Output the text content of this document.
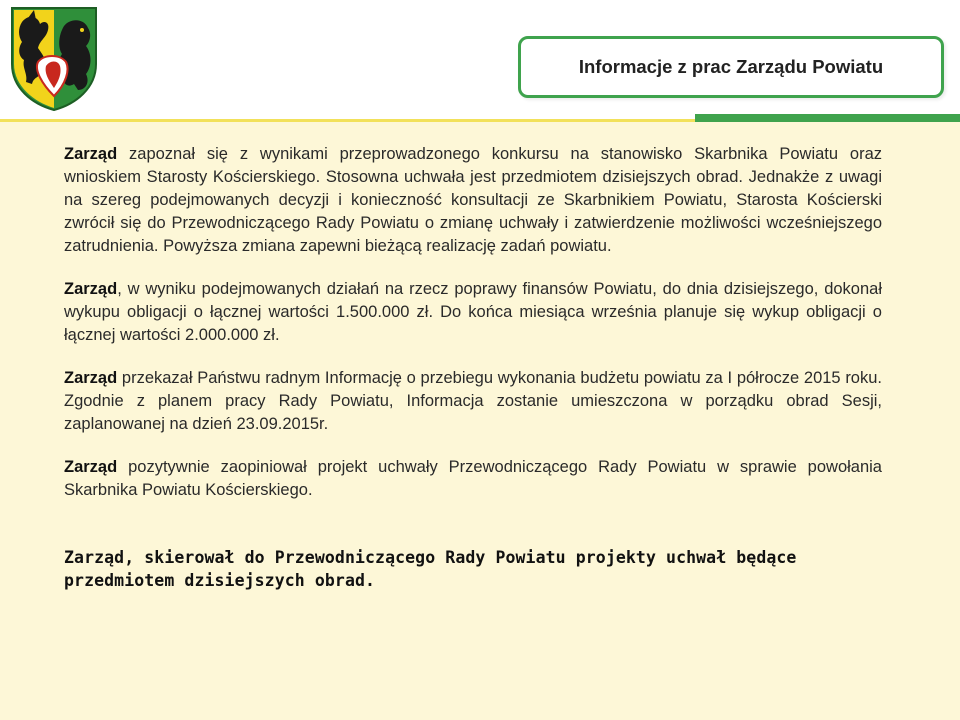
Informacje z prac Zarządu Powiatu

Zarząd zapoznał się z wynikami przeprowadzonego konkursu na stanowisko Skarbnika Powiatu oraz wnioskiem Starosty Kościerskiego. Stosowna uchwała jest przedmiotem dzisiejszych obrad. Jednakże z uwagi na szereg podejmowanych decyzji i konieczność konsultacji ze Skarbnikiem Powiatu, Starosta Kościerski zwrócił się do Przewodniczącego Rady Powiatu o zmianę uchwały i zatwierdzenie możliwości wcześniejszego zatrudnienia. Powyższa zmiana zapewni bieżącą realizację zadań powiatu.

Zarząd, w wyniku podejmowanych działań na rzecz poprawy finansów Powiatu, do dnia dzisiejszego, dokonał wykupu obligacji o łącznej wartości 1.500.000 zł. Do końca miesiąca września planuje się wykup obligacji o łącznej wartości 2.000.000 zł.

Zarząd przekazał Państwu radnym Informację o przebiegu wykonania budżetu powiatu za I półrocze 2015 roku. Zgodnie z planem pracy Rady Powiatu, Informacja zostanie umieszczona w porządku obrad Sesji, zaplanowanej na dzień 23.09.2015r.

Zarząd pozytywnie zaopiniował projekt uchwały Przewodniczącego Rady Powiatu w sprawie powołania Skarbnika Powiatu Kościerskiego.

Zarząd, skierował do Przewodniczącego Rady Powiatu projekty uchwał będące przedmiotem dzisiejszych obrad.
